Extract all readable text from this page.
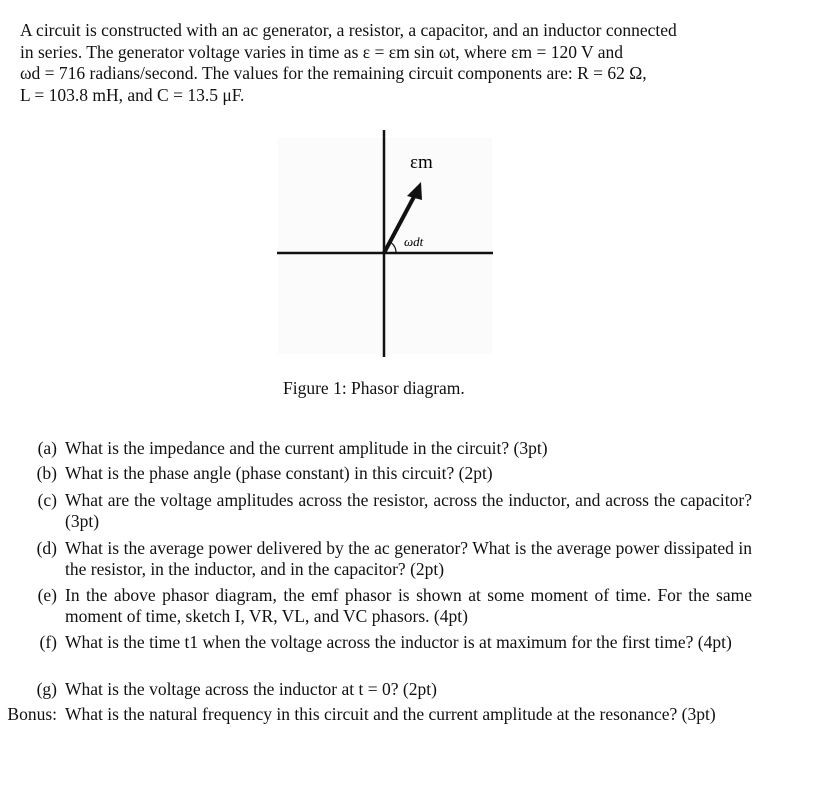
A circuit is constructed with an ac generator, a resistor, a capacitor, and an inductor connected
in series. The generator voltage varies in time as ε = εm sin ωt, where εm = 120 V and
ωd = 716 radians/second. The values for the remaining circuit components are: R = 62 Ω,
L = 103.8 mH, and C = 13.5 μF.
εm
ωdt
Figure 1: Phasor diagram.
(a) What is the impedance and the current amplitude in the circuit? (3pt)
(b) What is the phase angle (phase constant) in this circuit? (2pt)
(c) What are the voltage amplitudes across the resistor, across the inductor, and across the capacitor? (3pt)
(d) What is the average power delivered by the ac generator? What is the average power dissipated in the resistor, in the inductor, and in the capacitor? (2pt)
(e) In the above phasor diagram, the emf phasor is shown at some moment of time. For the same moment of time, sketch I, VR, VL, and VC phasors. (4pt)
(f) What is the time t1 when the voltage across the inductor is at maximum for the first time? (4pt)
(g) What is the voltage across the inductor at t = 0? (2pt)
Bonus: What is the natural frequency in this circuit and the current amplitude at the resonance? (3pt)
